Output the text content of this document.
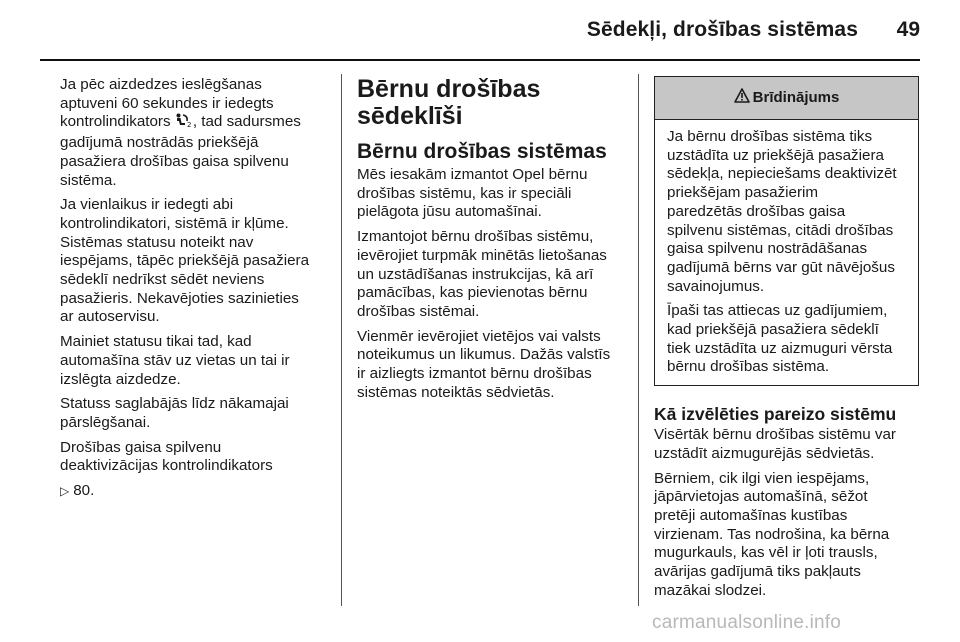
Sēdekļi, drošības sistēmas 49

Ja pēc aizdedzes ieslēgšanas
aptuveni 60 sekundes ir iedegts
kontrolindikators 2 , tad sadursmes
gadījumā nostrādās priekšējā
pasažiera drošības gaisa spilvenu
sistēma.

Ja vienlaikus ir iedegti abi
kontrolindikatori, sistēmā ir kļūme.
Sistēmas statusu noteikt nav
iespējams, tāpēc priekšējā pasažiera
sēdeklī nedrīkst sēdēt neviens
pasažieris. Nekavējoties sazinieties
ar autoservisu.

Mainiet statusu tikai tad, kad
automašīna stāv uz vietas un tai ir
izslēgta aizdedze.

Statuss saglabājās līdz nākamajai
pārslēgšanai.

Drošības gaisa spilvenu
deaktivizācijas kontrolindikators

▷ 80.

Bērnu drošības
sēdeklīši
Bērnu drošības sistēmas

Mēs iesakām izmantot Opel bērnu
drošības sistēmu, kas ir speciāli
pielāgota jūsu automašīnai.

Izmantojot bērnu drošības sistēmu,
ievērojiet turpmāk minētās lietošanas
un uzstādīšanas instrukcijas, kā arī
pamācības, kas pievienotas bērnu
drošības sistēmai.

Vienmēr ievērojiet vietējos vai valsts
noteikumus un likumus. Dažās valstīs
ir aizliegts izmantot bērnu drošības
sistēmas noteiktās sēdvietās.

Brīdinājums

Ja bērnu drošības sistēma tiks
uzstādīta uz priekšējā pasažiera
sēdekļa, nepieciešams deaktivizēt
priekšējam pasažierim
paredzētās drošības gaisa
spilvenu sistēmas, citādi drošības
gaisa spilvenu nostrādāšanas
gadījumā bērns var gūt nāvējošus
savainojumus.

Īpaši tas attiecas uz gadījumiem,
kad priekšējā pasažiera sēdeklī
tiek uzstādīta uz aizmuguri vērsta
bērnu drošības sistēma.

Kā izvēlēties pareizo sistēmu

Visērtāk bērnu drošības sistēmu var
uzstādīt aizmugurējās sēdvietās.

Bērniem, cik ilgi vien iespējams,
jāpārvietojas automašīnā, sēžot
pretēji automašīnas kustības
virzienam. Tas nodrošina, ka bērna
mugurkauls, kas vēl ir ļoti trausls,
avārijas gadījumā tiks pakļauts
mazākai slodzei.

carmanualsonline.info
